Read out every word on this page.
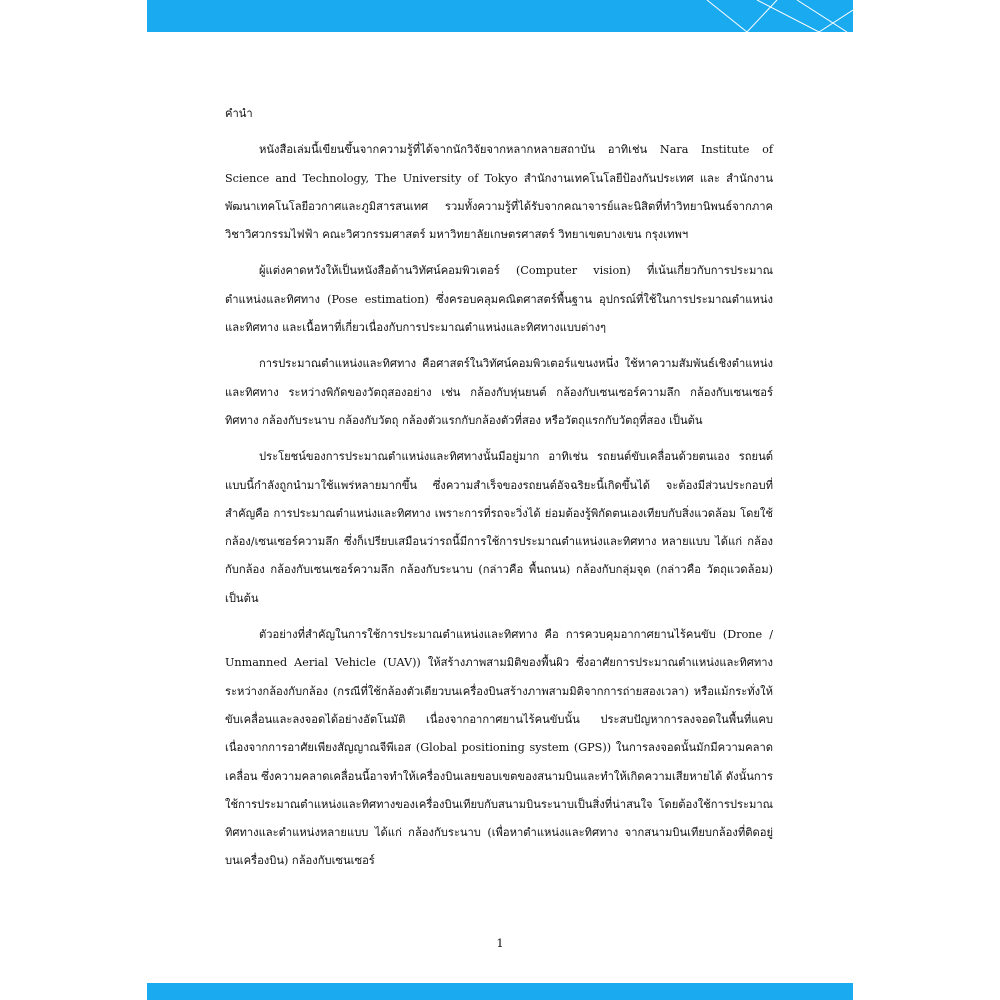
คำนำ

หนังสือเล่มนี้เขียนขึ้นจากความรู้ที่ได้จากนักวิจัยจากหลากหลายสถาบัน อาทิเช่น Nara Institute of Science and Technology, The University of Tokyo สำนักงานเทคโนโลยีป้องกันประเทศ และ สำนักงานพัฒนาเทคโนโลยีอวกาศและภูมิสารสนเทศ รวมทั้งความรู้ที่ได้รับจากคณาจารย์และนิสิตที่ทำวิทยานิพนธ์จากภาควิชาวิศวกรรมไฟฟ้า คณะวิศวกรรมศาสตร์ มหาวิทยาลัยเกษตรศาสตร์ วิทยาเขตบางเขน กรุงเทพฯ

ผู้แต่งคาดหวังให้เป็นหนังสือด้านวิทัศน์คอมพิวเตอร์ (Computer vision) ที่เน้นเกี่ยวกับการประมาณตำแหน่งและทิศทาง (Pose estimation) ซึ่งครอบคลุมคณิตศาสตร์พื้นฐาน อุปกรณ์ที่ใช้ในการประมาณตำแหน่งและทิศทาง และเนื้อหาที่เกี่ยวเนื่องกับการประมาณตำแหน่งและทิศทางแบบต่างๆ

การประมาณตำแหน่งและทิศทาง คือศาสตร์ในวิทัศน์คอมพิวเตอร์แขนงหนึ่ง ใช้หาความสัมพันธ์เชิงตำแหน่งและทิศทาง ระหว่างพิกัดของวัตถุสองอย่าง เช่น กล้องกับหุ่นยนต์ กล้องกับเซนเซอร์ความลึก กล้องกับเซนเซอร์ทิศทาง กล้องกับระนาบ กล้องกับวัตถุ กล้องตัวแรกกับกล้องตัวที่สอง หรือวัตถุแรกกับวัตถุที่สอง เป็นต้น

ประโยชน์ของการประมาณตำแหน่งและทิศทางนั้นมีอยู่มาก อาทิเช่น รถยนต์ขับเคลื่อนด้วยตนเอง รถยนต์แบบนี้กำลังถูกนำมาใช้แพร่หลายมากขึ้น ซึ่งความสำเร็จของรถยนต์อัจฉริยะนี้เกิดขึ้นได้ จะต้องมีส่วนประกอบที่สำคัญคือ การประมาณตำแหน่งและทิศทาง เพราะการที่รถจะวิ่งได้ ย่อมต้องรู้พิกัดตนเองเทียบกับสิ่งแวดล้อม โดยใช้กล้อง/เซนเซอร์ความลึก ซึ่งก็เปรียบเสมือนว่ารถนี้มีการใช้การประมาณตำแหน่งและทิศทาง หลายแบบ ได้แก่ กล้องกับกล้อง กล้องกับเซนเซอร์ความลึก กล้องกับระนาบ (กล่าวคือ พื้นถนน) กล้องกับกลุ่มจุด (กล่าวคือ วัตถุแวดล้อม) เป็นต้น

ตัวอย่างที่สำคัญในการใช้การประมาณตำแหน่งและทิศทาง คือ การควบคุมอากาศยานไร้คนขับ (Drone / Unmanned Aerial Vehicle (UAV)) ให้สร้างภาพสามมิติของพื้นผิว ซึ่งอาศัยการประมาณตำแหน่งและทิศทางระหว่างกล้องกับกล้อง (กรณีที่ใช้กล้องตัวเดียวบนเครื่องบินสร้างภาพสามมิติจากการถ่ายสองเวลา) หรือแม้กระทั่งให้ขับเคลื่อนและลงจอดได้อย่างอัตโนมัติ เนื่องจากอากาศยานไร้คนขับนั้น ประสบปัญหาการลงจอดในพื้นที่แคบ เนื่องจากการอาศัยเพียงสัญญาณจีพีเอส (Global positioning system (GPS)) ในการลงจอดนั้นมักมีความคลาดเคลื่อน ซึ่งความคลาดเคลื่อนนี้อาจทำให้เครื่องบินเลยขอบเขตของสนามบินและทำให้เกิดความเสียหายได้ ดังนั้นการใช้การประมาณตำแหน่งและทิศทางของเครื่องบินเทียบกับสนามบินระนาบเป็นสิ่งที่น่าสนใจ โดยต้องใช้การประมาณทิศทางและตำแหน่งหลายแบบ ได้แก่ กล้องกับระนาบ (เพื่อหาตำแหน่งและทิศทาง จากสนามบินเทียบกล้องที่ติดอยู่บนเครื่องบิน) กล้องกับเซนเซอร์

1
